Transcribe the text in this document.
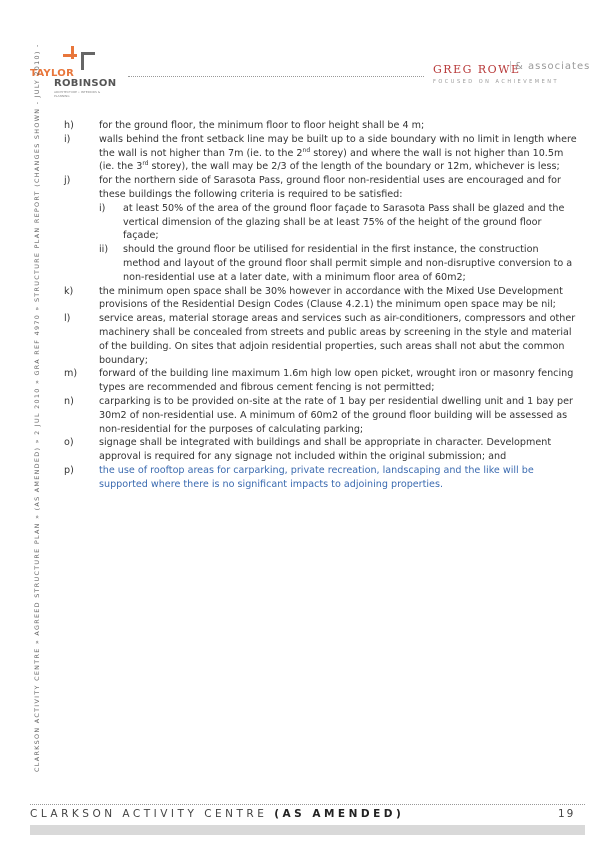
TAYLOR
ROBINSON
ARCHITECTURE • INTERIORS & PLANNING
GREG ROWE
& associates
FOCUSED ON ACHIEVEMENT
CLARKSON ACTIVITY CENTRE » AGREED STRUCTURE PLAN » (AS AMENDED) » 2 JUL 2010 » GRA REF 4970 » STRUCTURE PLAN REPORT (CHANGES SHOWN - JULY 2010) - h)	for the ground floor, the minimum floor to floor height shall be 4 m;
i)	walls behind the front setback line may be built up to a side boundary with no limit in length where the wall is not higher than 7m (ie. to the 2nd storey) and where the wall is not higher than 10.5m (ie. the 3rd storey), the wall may be 2/3 of the length of the boundary or 12m, whichever is less;
j)	for the northern side of Sarasota Pass, ground floor non-residential uses are encouraged and for these buildings the following criteria is required to be satisfied:
i)	at least 50% of the area of the ground floor façade to Sarasota Pass shall be glazed and the vertical dimension of the glazing shall be at least 75% of the height of the ground floor façade;
ii)	should the ground floor be utilised for residential in the first instance, the construction method and layout of the ground floor shall permit simple and non-disruptive conversion to a non-residential use at a later date, with a minimum floor area of 60m2;
k)	the minimum open space shall be 30% however in accordance with the Mixed Use Development provisions of the Residential Design Codes (Clause 4.2.1) the minimum open space may be nil;
l)	service areas, material storage areas and services such as air-conditioners, compressors and other machinery shall be concealed from streets and public areas by screening in the style and material of the building. On sites that adjoin residential properties, such areas shall not abut the common boundary;
m)	forward of the building line maximum 1.6m high low open picket, wrought iron or masonry fencing types are recommended and fibrous cement fencing is not permitted;
n)	carparking is to be provided on-site at the rate of 1 bay per residential dwelling unit and 1 bay per 30m2 of non-residential use. A minimum of 60m2 of the ground floor building will be assessed as non-residential for the purposes of calculating parking;
o)	signage shall be integrated with buildings and shall be appropriate in character. Development approval is required for any signage not included within the original submission; and
p)	the use of rooftop areas for carparking, private recreation, landscaping and the like will be supported where there is no significant impacts to adjoining properties.
CLARKSON ACTIVITY CENTRE (AS AMENDED)	19
